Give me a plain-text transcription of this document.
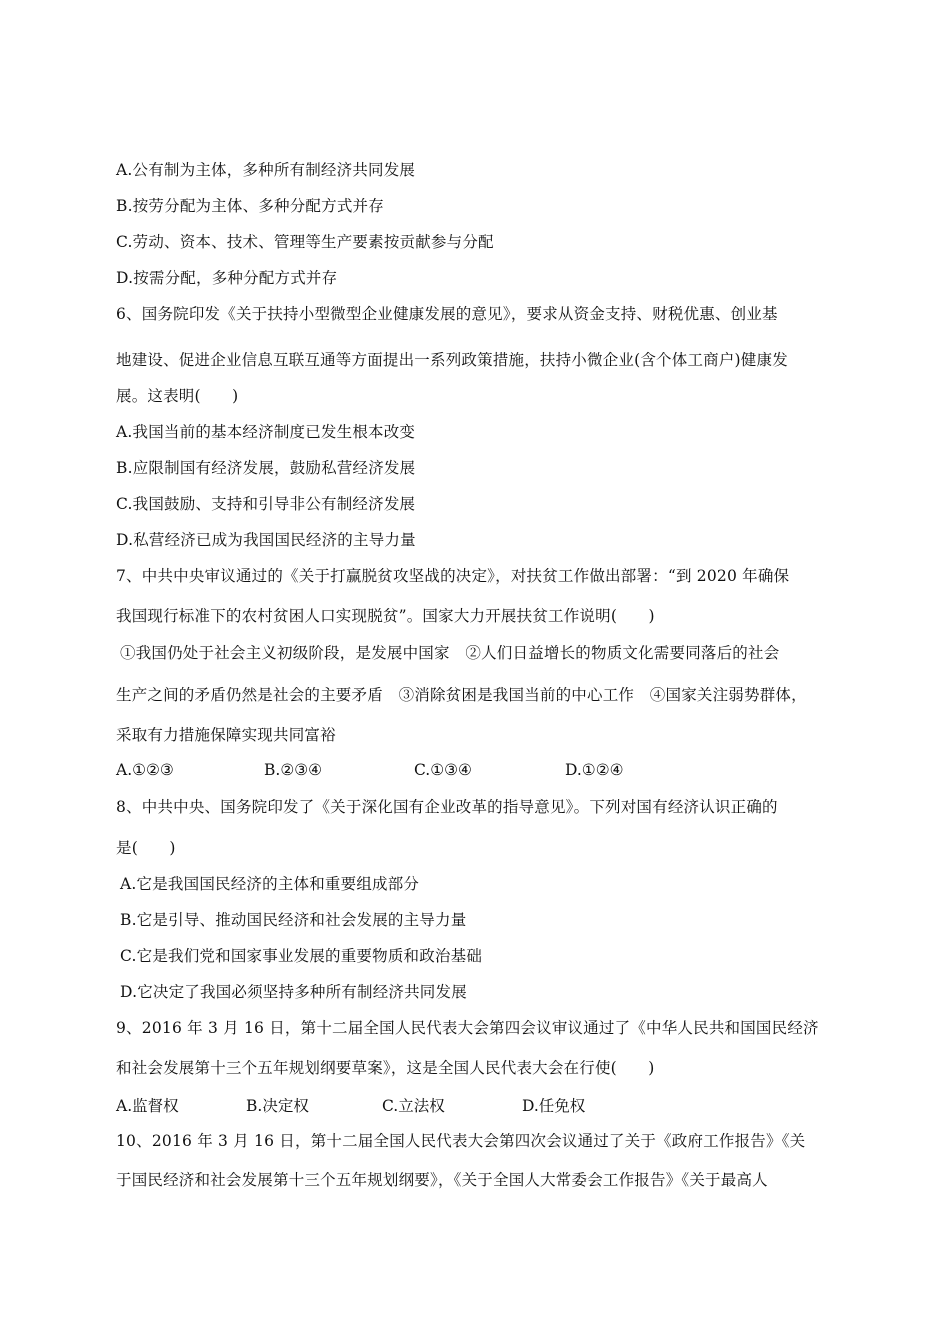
A.公有制为主体，多种所有制经济共同发展

B.按劳分配为主体、多种分配方式并存

C.劳动、资本、技术、管理等生产要素按贡献参与分配

D.按需分配，多种分配方式并存

6、国务院印发《关于扶持小型微型企业健康发展的意见》，要求从资金支持、财税优惠、创业基

地建设、促进企业信息互联互通等方面提出一系列政策措施，扶持小微企业(含个体工商户)健康发

展。这表明(　　)

A.我国当前的基本经济制度已发生根本改变

B.应限制国有经济发展，鼓励私营经济发展

C.我国鼓励、支持和引导非公有制经济发展

D.私营经济已成为我国国民经济的主导力量

7、中共中央审议通过的《关于打赢脱贫攻坚战的决定》，对扶贫工作做出部署：“到 2020 年确保

我国现行标准下的农村贫困人口实现脱贫”。国家大力开展扶贫工作说明(　　)

①我国仍处于社会主义初级阶段，是发展中国家　②人们日益增长的物质文化需要同落后的社会

生产之间的矛盾仍然是社会的主要矛盾　③消除贫困是我国当前的中心工作　④国家关注弱势群体，

采取有力措施保障实现共同富裕

A.①②③	B.②③④	C.①③④	D.①②④

8、中共中央、国务院印发了《关于深化国有企业改革的指导意见》。下列对国有经济认识正确的

是(　　)

A.它是我国国民经济的主体和重要组成部分

B.它是引导、推动国民经济和社会发展的主导力量

C.它是我们党和国家事业发展的重要物质和政治基础

D.它决定了我国必须坚持多种所有制经济共同发展

9、2016 年 3 月 16 日，第十二届全国人民代表大会第四会议审议通过了《中华人民共和国国民经济

和社会发展第十三个五年规划纲要草案》，这是全国人民代表大会在行使(　　)

A.监督权	B.决定权	C.立法权	D.任免权

10、2016 年 3 月 16 日，第十二届全国人民代表大会第四次会议通过了关于《政府工作报告》《关

于国民经济和社会发展第十三个五年规划纲要》，《关于全国人大常委会工作报告》《关于最高人
